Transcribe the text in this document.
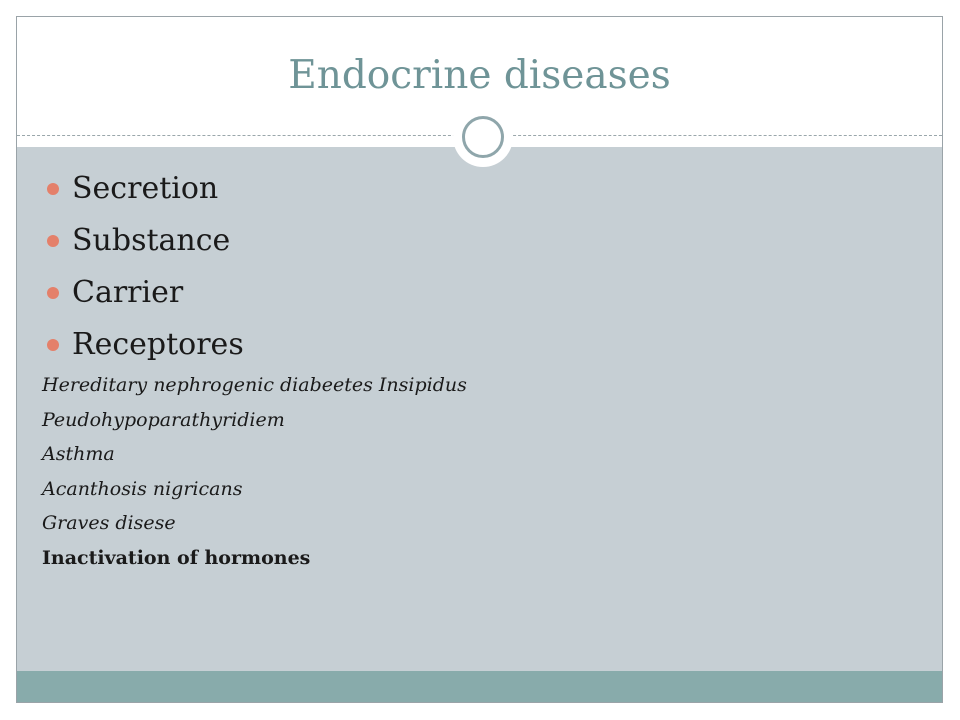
Endocrine diseases
Secretion
Substance
Carrier
Receptores
Hereditary nephrogenic diabeetes Insipidus
Peudohypoparathyridiem
Asthma
Acanthosis nigricans
Graves disese
Inactivation of hormones
